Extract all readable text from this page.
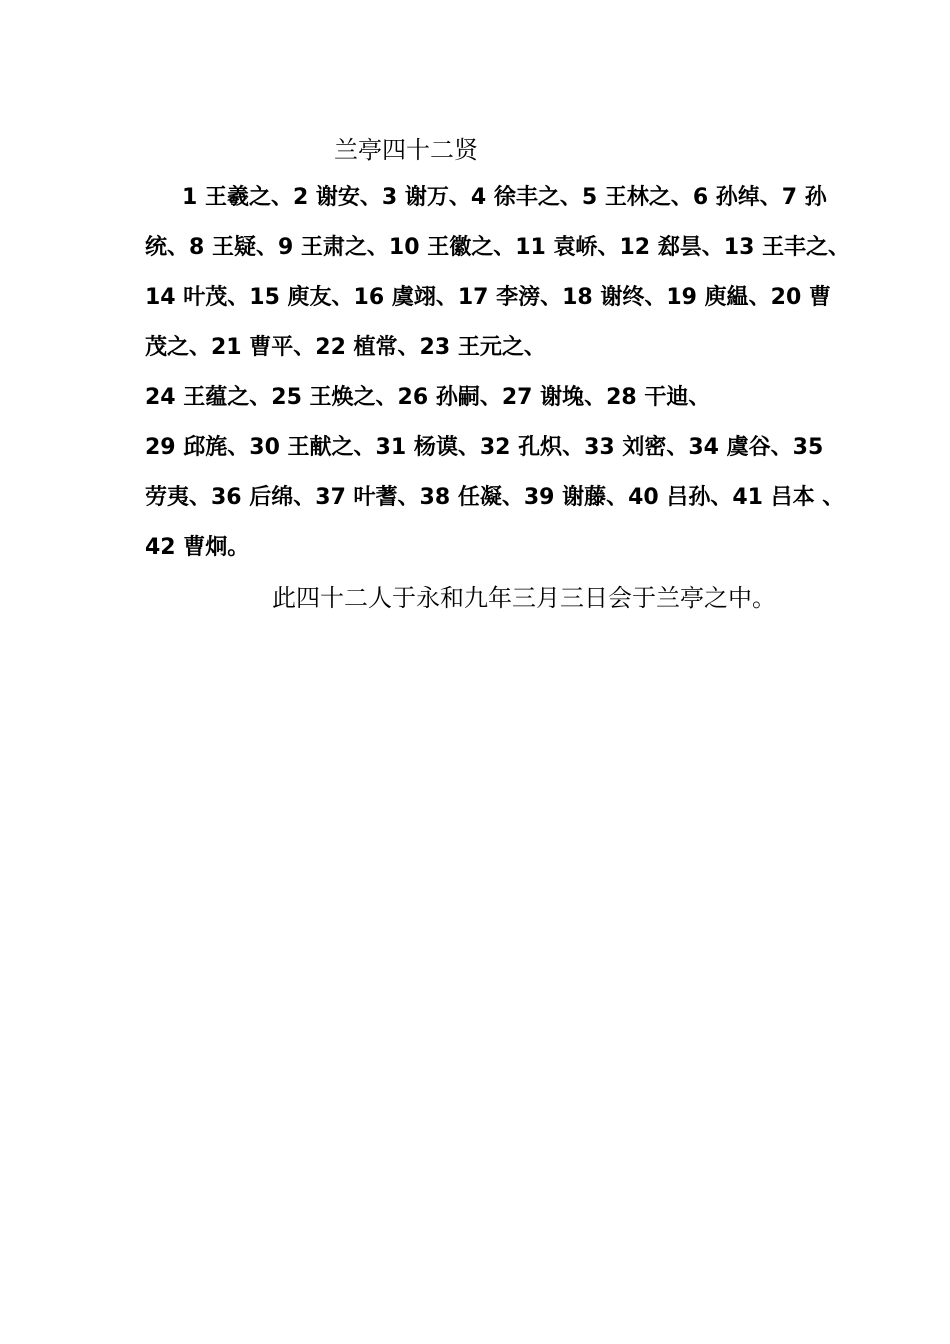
兰亭四十二贤
1 王羲之、2 谢安、3 谢万、4 徐丰之、5 王林之、6 孙绰、7 孙
统、8 王疑、9 王肃之、10 王徽之、11 袁峤、12 郄昙、13 王丰之、
14 叶茂、15 庾友、16 虞翊、17 李滂、18 谢终、19 庾緼、20 曹
茂之、21 曹平、22 植常、23 王元之、
24 王蕴之、25 王焕之、26 孙嗣、27 谢堍、28 干迪、
29 邱旄、30 王献之、31 杨谟、32 孔炽、33 刘密、34 虞谷、35
劳夷、36 后绵、37 叶蓍、38 任凝、39 谢藤、40 吕孙、41 吕本 、
42 曹炯。
此四十二人于永和九年三月三日会于兰亭之中。
